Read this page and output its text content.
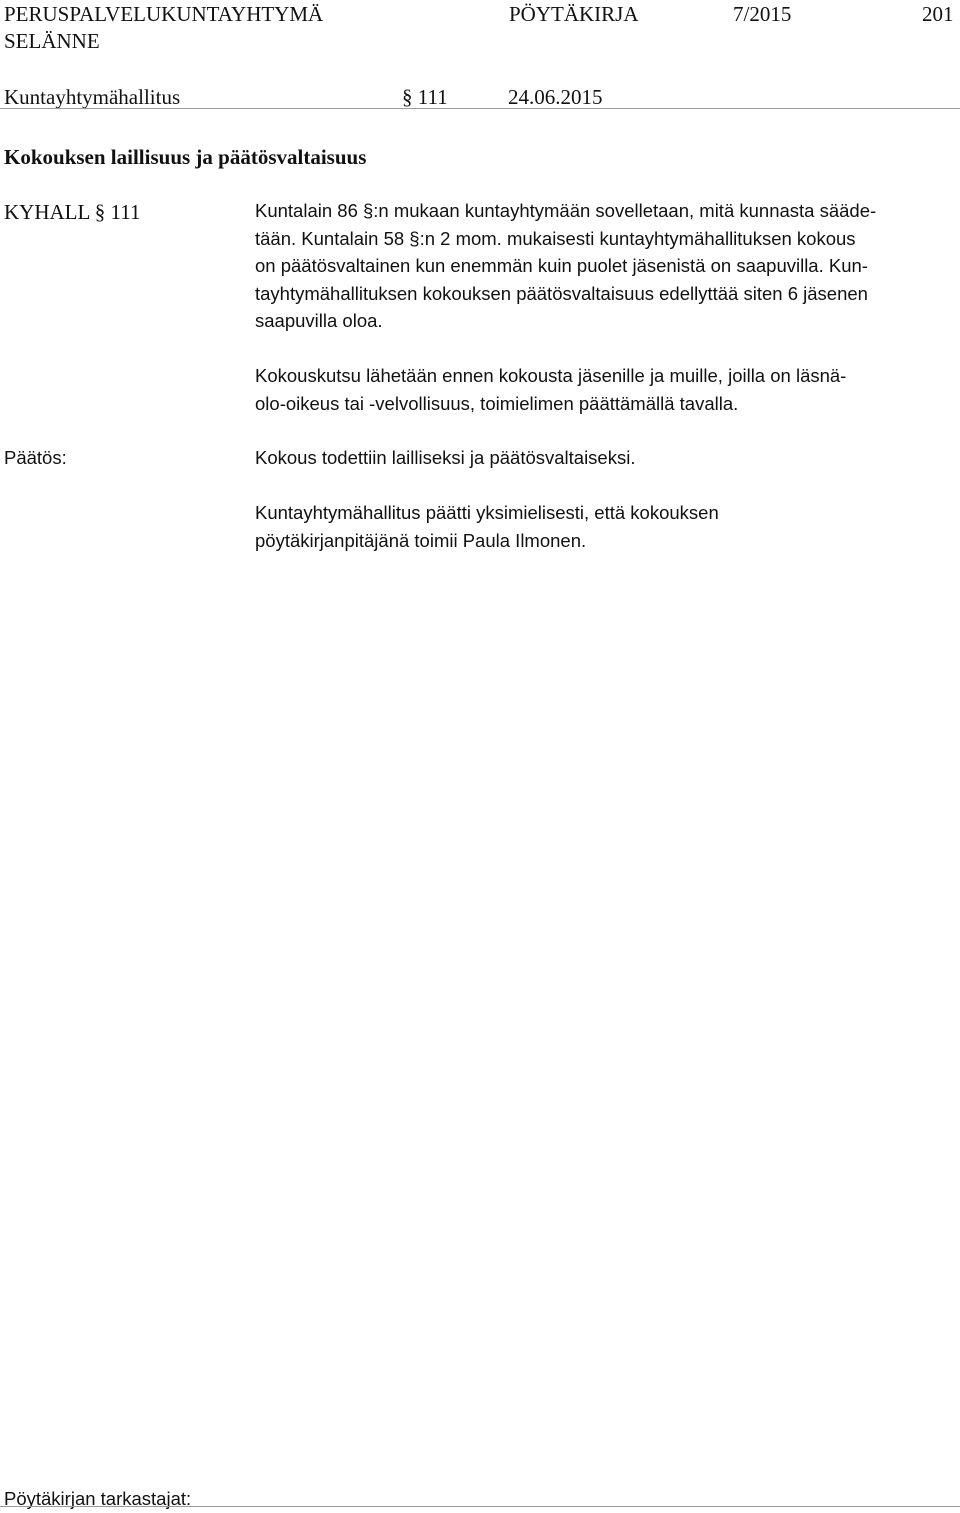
PERUSPALVELUKUNTAYHTYMÄ
SELÄNNE
PÖYTÄKIRJA	7/2015	201
Kuntayhtymähallitus	§ 111	24.06.2015
Kokouksen laillisuus ja päätösvaltaisuus
KYHALL § 111	Kuntalain 86 §:n mukaan kuntayhtymään sovelletaan, mitä kunnasta sääde-
tään. Kuntalain 58 §:n 2 mom. mukaisesti kuntayhtymähallituksen kokous
on päätösvaltainen kun enemmän kuin puolet jäsenistä on saapuvilla. Kun-
tayhtymähallituksen kokouksen päätösvaltaisuus edellyttää siten 6 jäsenen
saapuvilla oloa.
Kokouskutsu lähetään ennen kokousta jäsenille ja muille, joilla on läsnä-
olo-oikeus tai -velvollisuus, toimielimen päättämällä tavalla.
Päätös:	Kokous todettiin lailliseksi ja päätösvaltaiseksi.
Kuntayhtymähallitus päätti yksimielisesti, että kokouksen
pöytäkirjanpitäjänä toimii Paula Ilmonen.
Pöytäkirjan tarkastajat:
